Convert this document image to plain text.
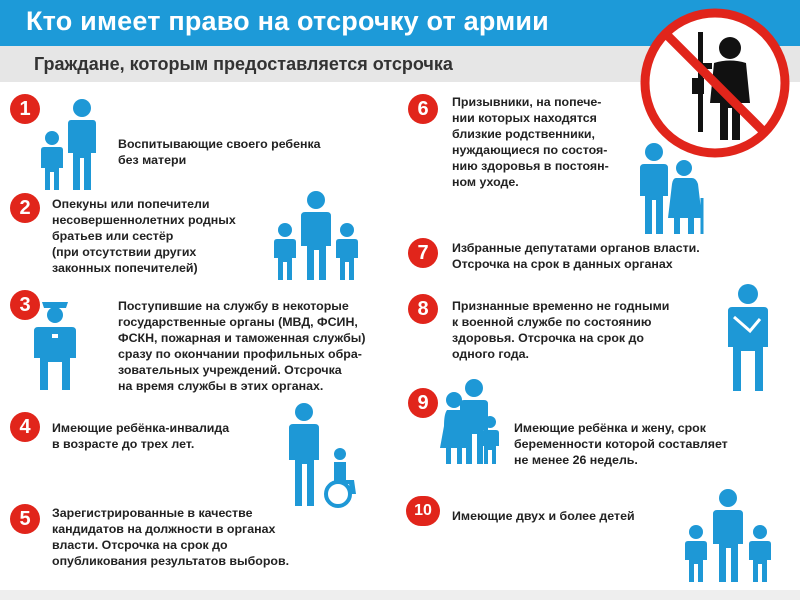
Кто имеет право на отсрочку от армии
Граждане, которым предоставляется отсрочка
1
Воспитывающие своего ребенка
без матери
2	Опекуны или попечители
несовершеннолетних родных
братьев или сестёр
(при отсутствии других
законных попечителей)
3	Поступившие на службу в некоторые
государственные органы (МВД, ФСИН,
ФСКН, пожарная и таможенная службы)
сразу по окончании профильных обра-
зовательных учреждений. Отсрочка
на время службы в этих органах.
4	Имеющие ребёнка-инвалида
в возрасте до трех лет.
5	Зарегистрированные в качестве
кандидатов на должности в органах
власти. Отсрочка на срок до
опубликования результатов выборов.
6	Призывники, на попече-
нии которых находятся
близкие родственники,
нуждающиеся по состоя-
нию здоровья в постоян-
ном уходе.
7	Избранные депутатами органов власти.
Отсрочка на срок в данных органах
8	Признанные временно не годными
к военной службе по состоянию
здоровья. Отсрочка на срок до
одного года.
9
Имеющие ребёнка и жену, срок
беременности которой составляет
не менее 26 недель.
10	Имеющие двух и более детей
